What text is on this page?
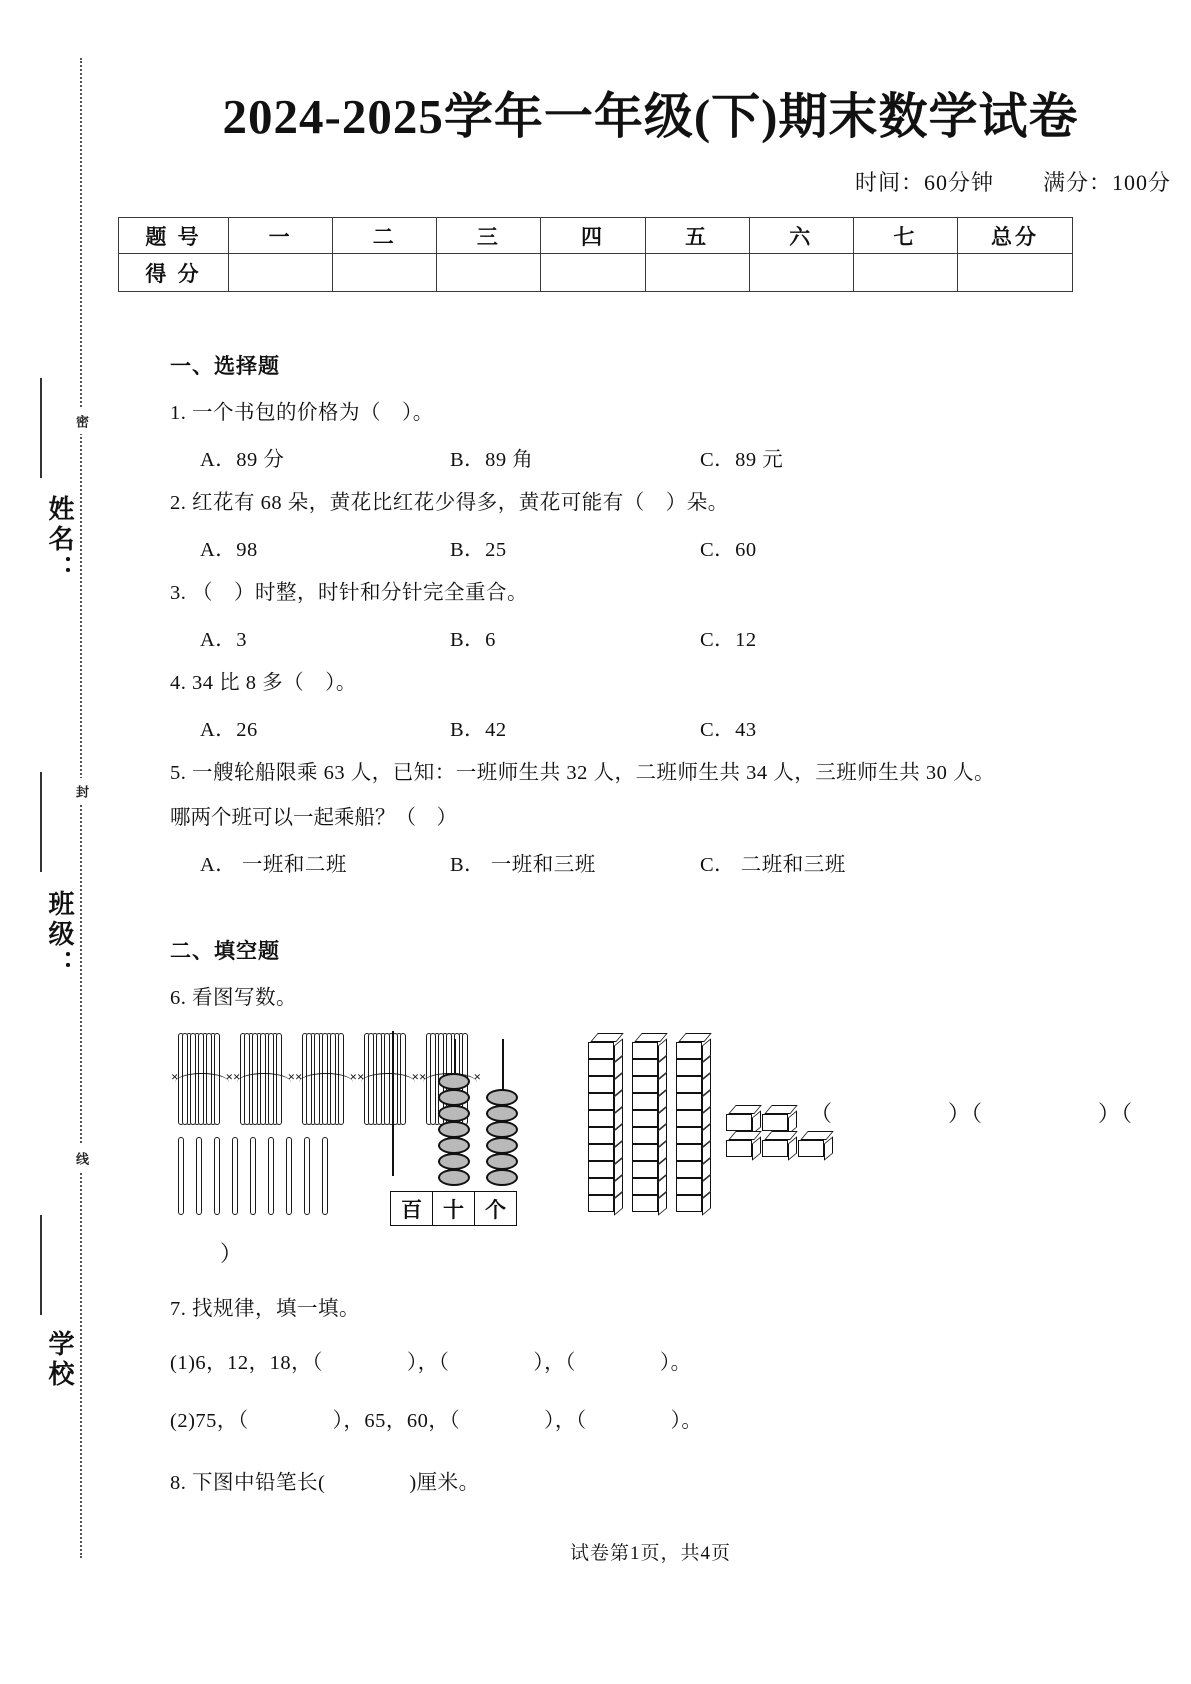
密
封
线
姓名：
班级：
学校
2024-2025学年一年级(下)期末数学试卷
时间：60分钟 满分：100分
题 号	一	二	三	四	五	六	七	总分
得 分								
一、选择题
1. 一个书包的价格为（　）。
A．89 分	B．89 角	C．89 元
2. 红花有 68 朵，黄花比红花少得多，黄花可能有（　）朵。
A．98	B．25	C．60
3. （　）时整，时针和分针完全重合。
A．3	B．6	C．12
4. 34 比 8 多（　）。
A．26	B．42	C．43
5. 一艘轮船限乘 63 人，已知：一班师生共 32 人，二班师生共 34 人，三班师生共 30 人。
哪两个班可以一起乘船？（　）
A． 一班和二班	B． 一班和三班	C． 二班和三班
二、填空题
6. 看图写数。
×	× ×	× ×	× ×	× ×	×
百	十	个
（　　　　　）（　　　　　）（
）
7. 找规律，填一填。
(1)6，12，18，（　　　　），（　　　　），（　　　　）。
(2)75，（　　　　），65，60，（　　　　），（　　　　）。
8. 下图中铅笔长(　　　　)厘米。
试卷第1页，共4页
